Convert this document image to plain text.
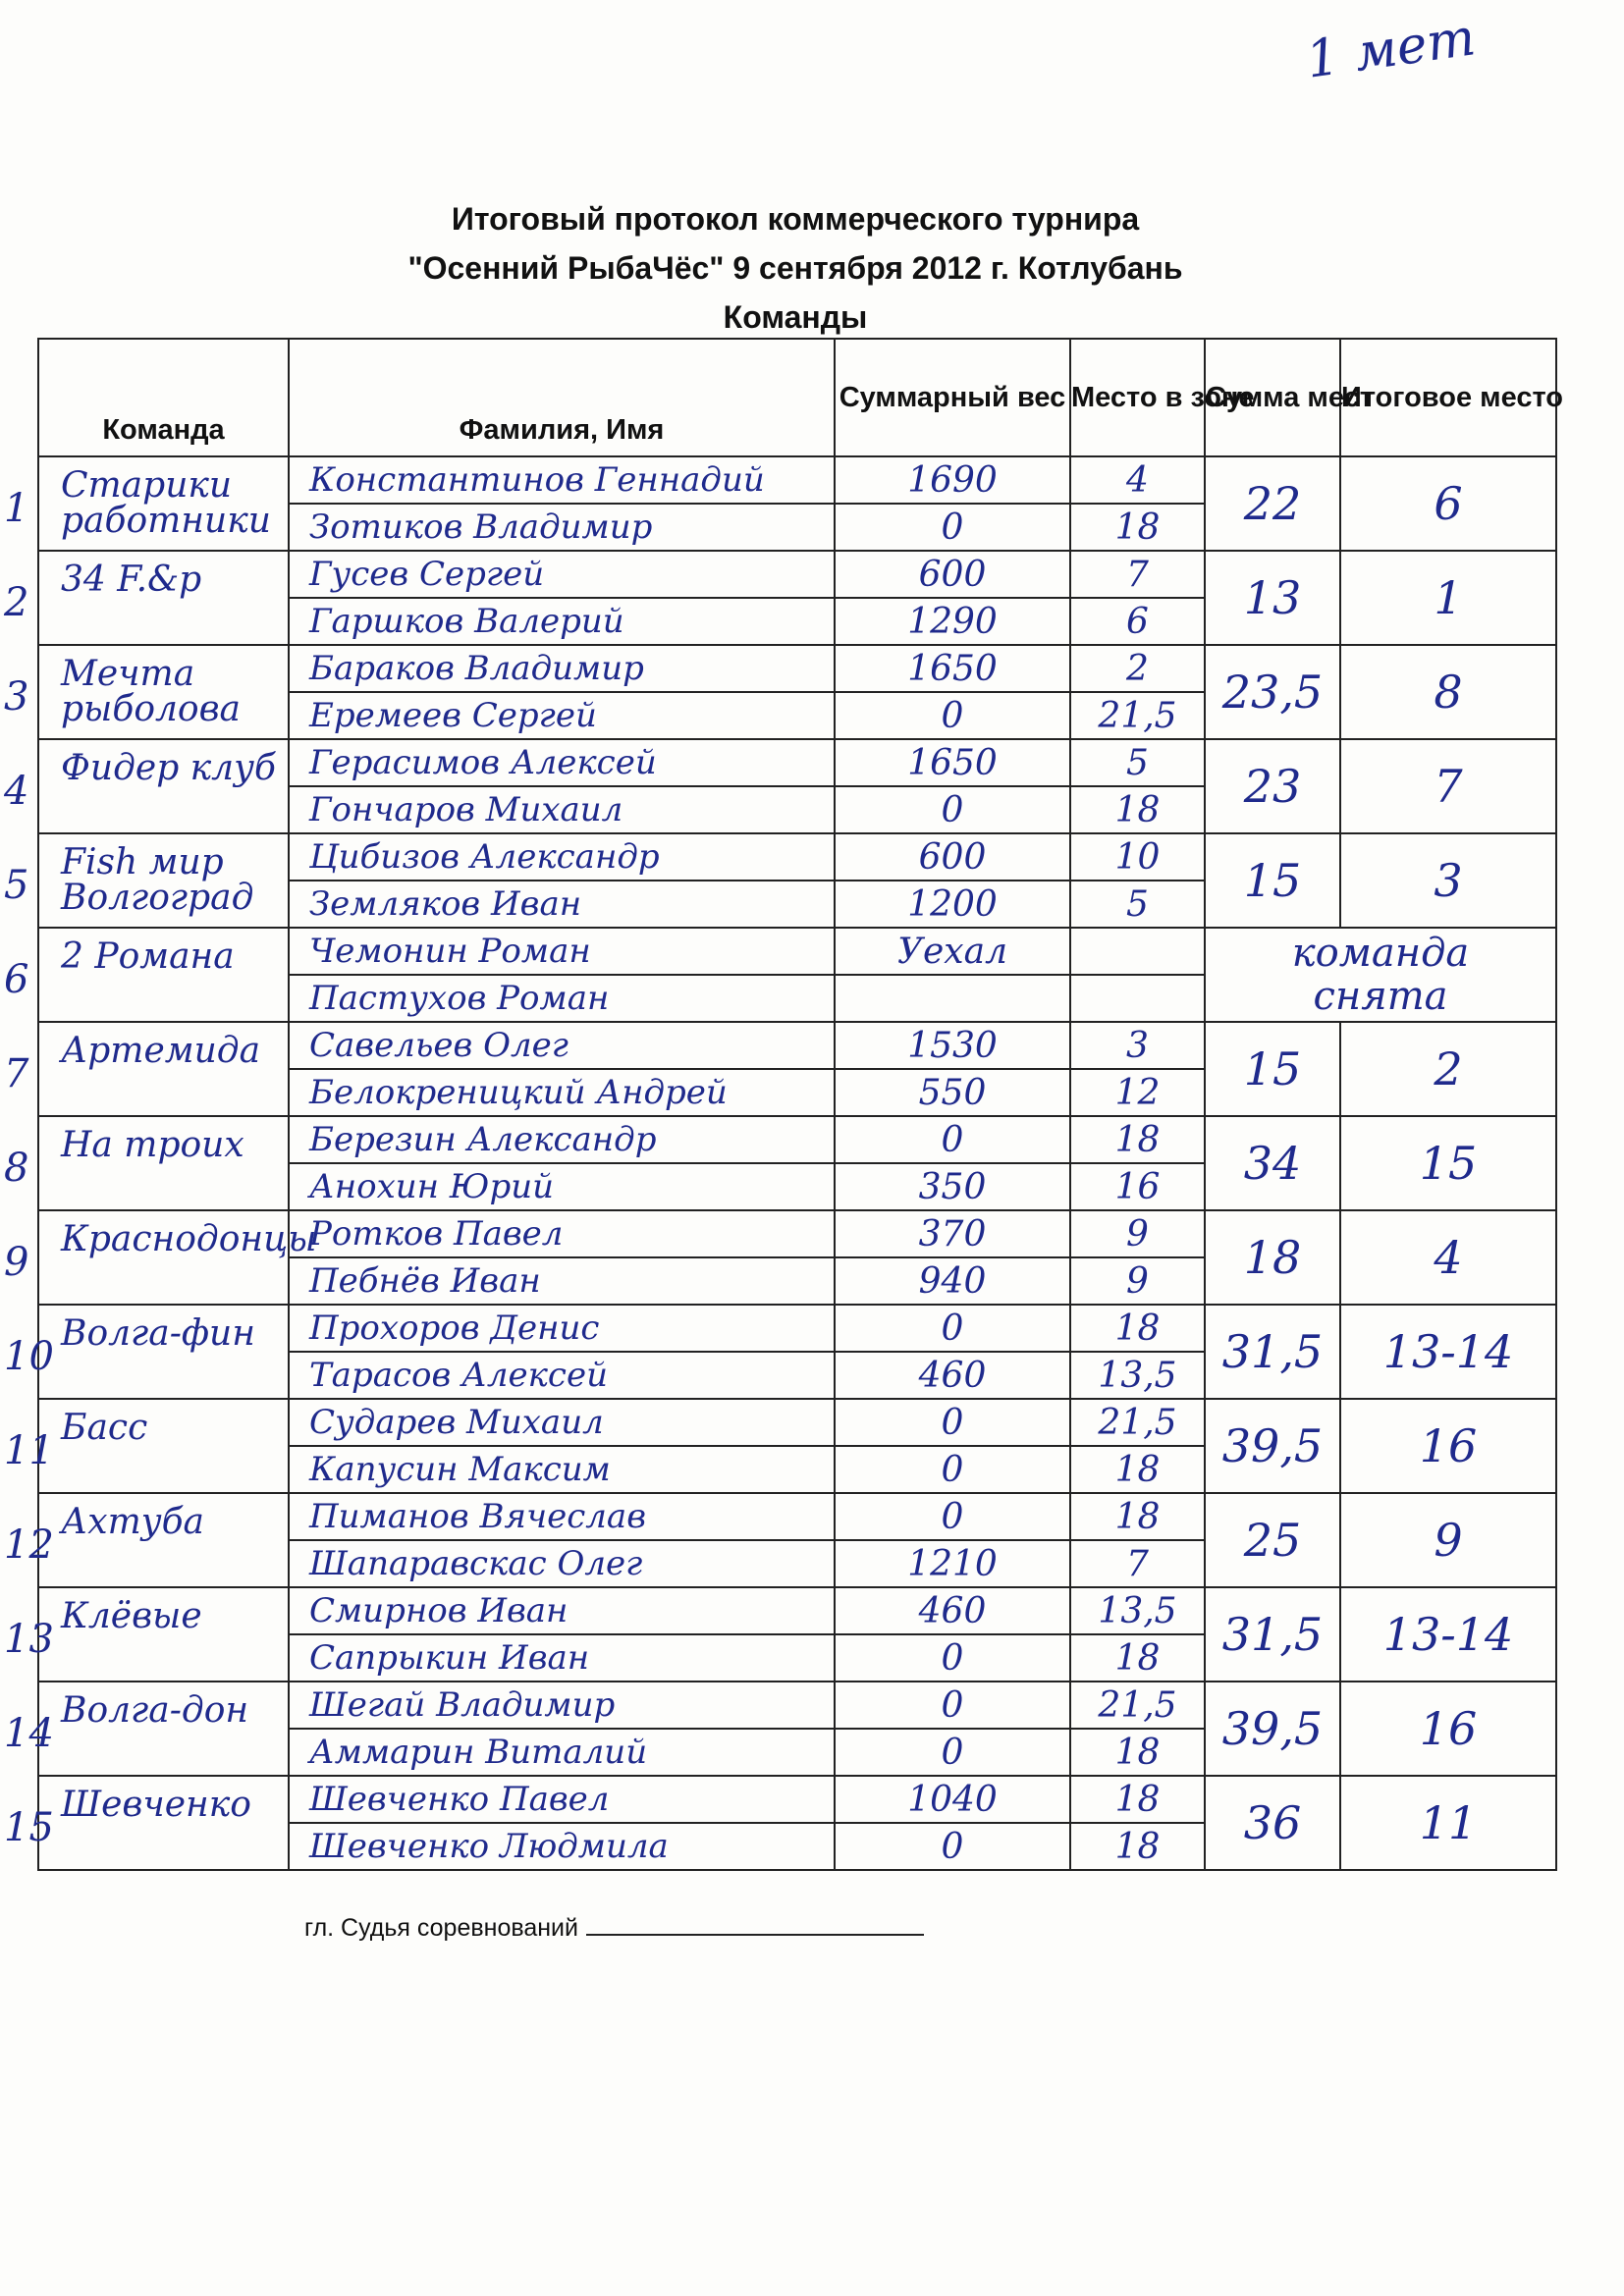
1 мет
Итоговый протокол коммерческого турнира
"Осенний РыбаЧёс" 9 сентября 2012 г. Котлубань
Команды
Команда	Фамилия, Имя	Суммарный вес	Место в зоне	Сумма мест	Итоговое место

1
Старики работники	Константинов Геннадий	1690	4	22	6
	Зотиков Владимир	0	18		

2
34 F.&p	Гусев Сергей	600	7	13	1
	Гаршков Валерий	1290	6		

3
Мечта рыболова	Бараков Владимир	1650	2	23,5	8
	Еремеев Сергей	0	21,5		

4
Фидер клуб	Герасимов Алексей	1650	5	23	7
	Гончаров Михаил	0	18		

5
Fish мир Волгоград	Цибизов Александр	600	10	15	3
	Земляков Иван	1200	5		

6
2 Романа	Чемонин Роман	Уехал		команда снята	
	Пастухов Роман				

7
Артемида	Савельев Олег	1530	3	15	2
	Белокреницкий Андрей	550	12		

8
На троих	Березин Александр	0	18	34	15
	Анохин Юрий	350	16		

9
Краснодонцы	Ротков Павел	370	9	18	4
	Пебнёв Иван	940	9		

10
Волга-фин	Прохоров Денис	0	18	31,5	13-14
	Тарасов Алексей	460	13,5		

11
Басс	Сударев Михаил	0	21,5	39,5	16
	Капусин Максим	0	18		

12
Ахтуба	Пиманов Вячеслав	0	18	25	9
	Шапаравскас Олег	1210	7		

13
Клёвые	Смирнов Иван	460	13,5	31,5	13-14
	Сапрыкин Иван	0	18		

14
Волга-дон	Шегай Владимир	0	21,5	39,5	16
	Аммарин Виталий	0	18		

15
Шевченко	Шевченко Павел	1040	18	36	11
	Шевченко Людмила	0	18		
гл. Судья соревнований
